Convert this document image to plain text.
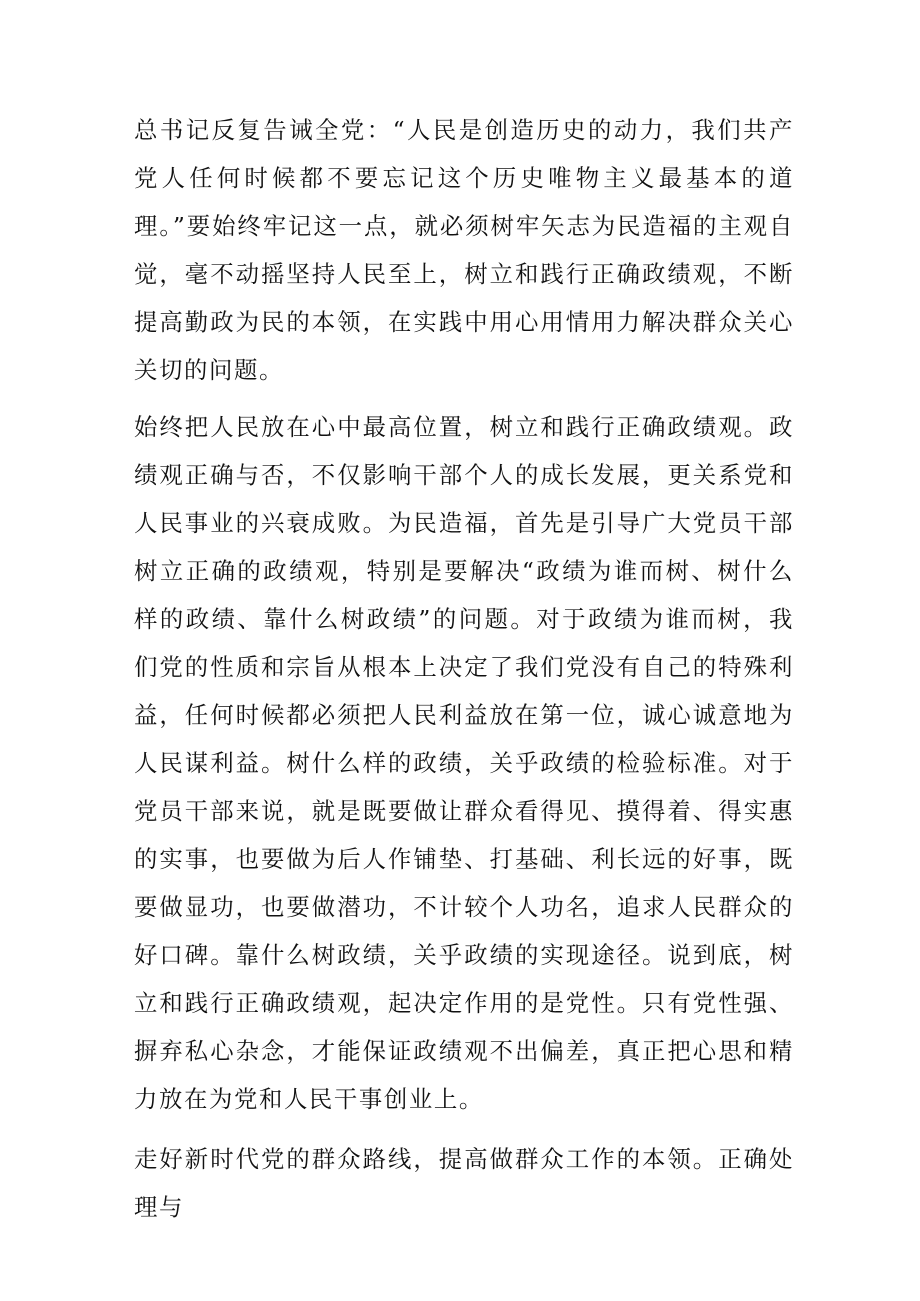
总书记反复告诫全党：“人民是创造历史的动力，我们共产党人任何时候都不要忘记这个历史唯物主义最基本的道理。”要始终牢记这一点，就必须树牢矢志为民造福的主观自觉，毫不动摇坚持人民至上，树立和践行正确政绩观，不断提高勤政为民的本领，在实践中用心用情用力解决群众关心关切的问题。

始终把人民放在心中最高位置，树立和践行正确政绩观。政绩观正确与否，不仅影响干部个人的成长发展，更关系党和人民事业的兴衰成败。为民造福，首先是引导广大党员干部树立正确的政绩观，特别是要解决“政绩为谁而树、树什么样的政绩、靠什么树政绩”的问题。对于政绩为谁而树，我们党的性质和宗旨从根本上决定了我们党没有自己的特殊利益，任何时候都必须把人民利益放在第一位，诚心诚意地为人民谋利益。树什么样的政绩，关乎政绩的检验标准。对于党员干部来说，就是既要做让群众看得见、摸得着、得实惠的实事，也要做为后人作铺垫、打基础、利长远的好事，既要做显功，也要做潜功，不计较个人功名，追求人民群众的好口碑。靠什么树政绩，关乎政绩的实现途径。说到底，树立和践行正确政绩观，起决定作用的是党性。只有党性强、摒弃私心杂念，才能保证政绩观不出偏差，真正把心思和精力放在为党和人民干事创业上。

走好新时代党的群众路线，提高做群众工作的本领。正确处理与
